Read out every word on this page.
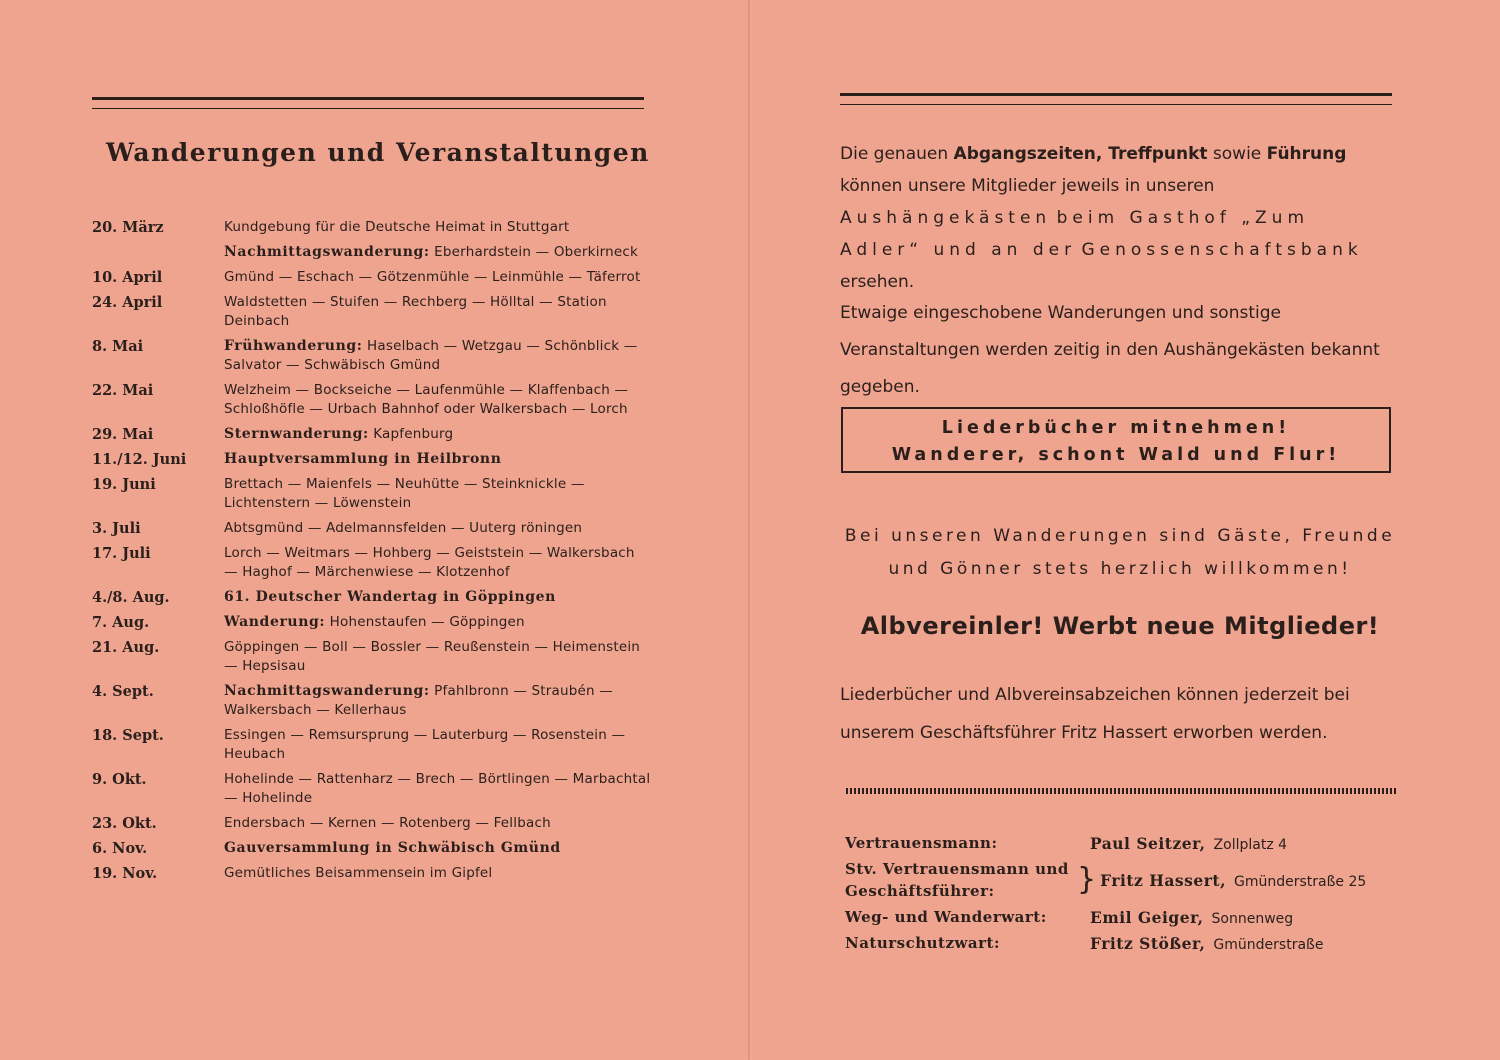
Wanderungen und Veranstaltungen
20. März	Kundgebung für die Deutsche Heimat in Stuttgart
Nachmittagswanderung: Eberhardstein — Oberkirneck
10. April	Gmünd — Eschach — Götzenmühle — Leinmühle — Täferrot
24. April	Waldstetten — Stuifen — Rechberg — Hölltal — Station Deinbach
8. Mai	Frühwanderung: Haselbach — Wetzgau — Schönblick — Salvator — Schwäbisch Gmünd
22. Mai	Welzheim — Bockseiche — Laufenmühle — Klaffenbach — Schloßhöfle — Urbach Bahnhof oder Walkersbach — Lorch
29. Mai	Sternwanderung: Kapfenburg
11./12. Juni	Hauptversammlung in Heilbronn
19. Juni	Brettach — Maienfels — Neuhütte — Steinknickle — Lichtenstern — Löwenstein
3. Juli	Abtsgmünd — Adelmannsfelden — Uuterg röningen
17. Juli	Lorch — Weitmars — Hohberg — Geiststein — Walkersbach — Haghof — Märchenwiese — Klotzenhof
4./8. Aug.	61. Deutscher Wandertag in Göppingen
7. Aug.	Wanderung: Hohenstaufen — Göppingen
21. Aug.	Göppingen — Boll — Bossler — Reußenstein — Heimenstein — Hepsisau
4. Sept.	Nachmittagswanderung: Pfahlbronn — Straubén — Walkersbach — Kellerhaus
18. Sept.	Essingen — Remsursprung — Lauterburg — Rosenstein — Heubach
9. Okt.	Hohelinde — Rattenharz — Brech — Börtlingen — Marbachtal — Hohelinde
23. Okt.	Endersbach — Kernen — Rotenberg — Fellbach
6. Nov.	Gauversammlung in Schwäbisch Gmünd
19. Nov.	Gemütliches Beisammensein im Gipfel
Die genauen Abgangszeiten, Treffpunkt sowie Führung können unsere Mitglieder jeweils in unseren Aushängekästen beim Gasthof „Zum Adler“ und an der Genossenschaftsbank ersehen.
Etwaige eingeschobene Wanderungen und sonstige Veranstaltungen werden zeitig in den Aushängekästen bekannt gegeben.
Liederbücher mitnehmen!
Wanderer, schont Wald und Flur!
Bei unseren Wanderungen sind Gäste, Freunde
und Gönner stets herzlich willkommen!
Albvereinler! Werbt neue Mitglieder!
Liederbücher und Albvereinsabzeichen können jederzeit bei unserem Geschäftsführer Fritz Hassert erworben werden.
Vertrauensmann:	Paul Seitzer, Zollplatz 4
Stv. Vertrauensmann und Geschäftsführer:	} Fritz Hassert, Gmünderstraße 25
Weg- und Wanderwart:	Emil Geiger, Sonnenweg
Naturschutzwart:	Fritz Stößer, Gmünderstraße
